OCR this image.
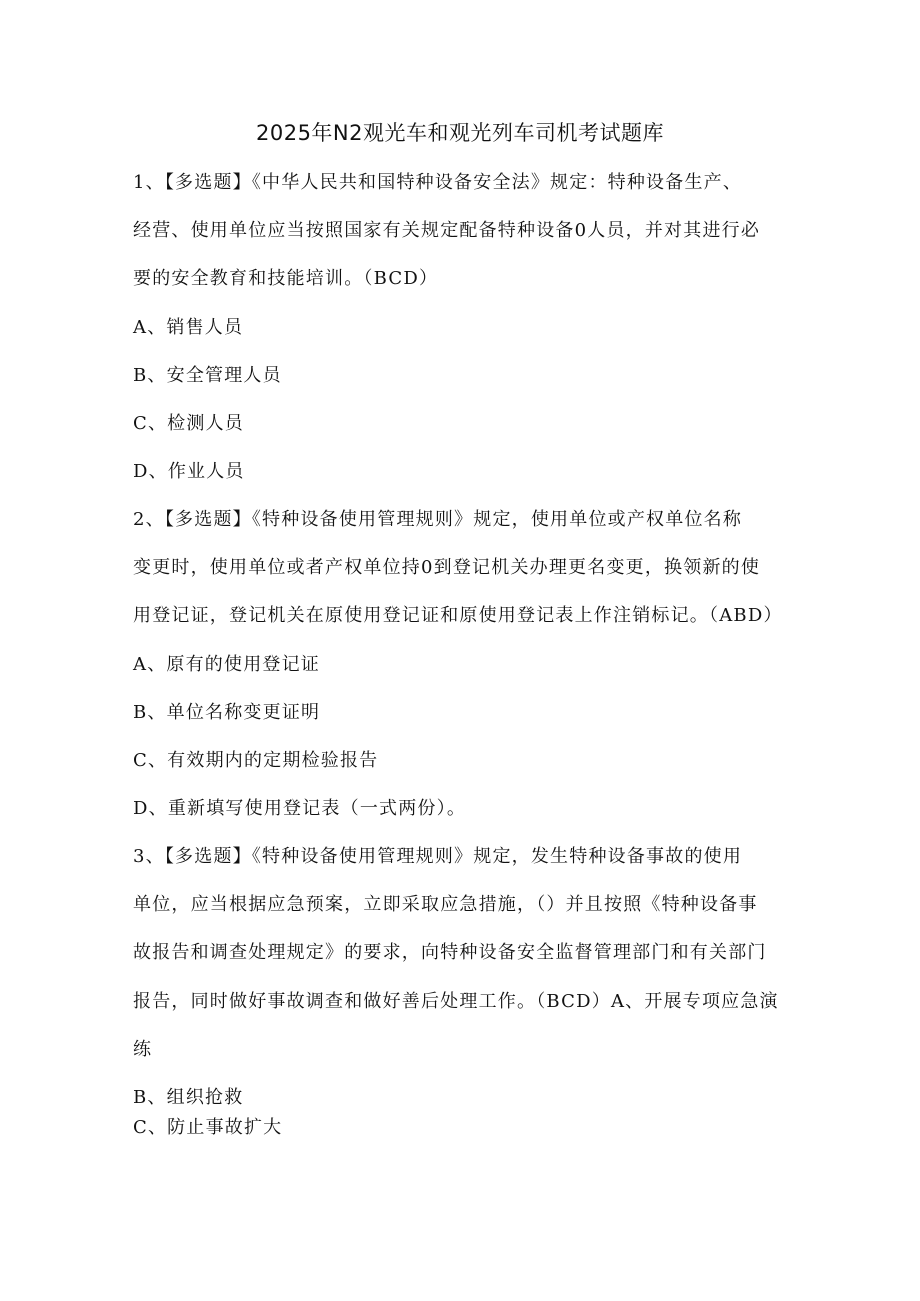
2025年N2观光车和观光列车司机考试题库
1、【多选题】《中华人民共和国特种设备安全法》规定：特种设备生产、
经营、使用单位应当按照国家有关规定配备特种设备0人员，并对其进行必
要的安全教育和技能培训。（BCD）
A、销售人员
B、安全管理人员
C、检测人员
D、作业人员
2、【多选题】《特种设备使用管理规则》规定，使用单位或产权单位名称
变更时，使用单位或者产权单位持0到登记机关办理更名变更，换领新的使
用登记证，登记机关在原使用登记证和原使用登记表上作注销标记。（ABD）
A、原有的使用登记证
B、单位名称变更证明
C、有效期内的定期检验报告
D、重新填写使用登记表（一式两份）。
3、【多选题】《特种设备使用管理规则》规定，发生特种设备事故的使用
单位，应当根据应急预案，立即采取应急措施，（）并且按照《特种设备事
故报告和调查处理规定》的要求，向特种设备安全监督管理部门和有关部门
报告，同时做好事故调查和做好善后处理工作。（BCD）A、开展专项应急演
练
B、组织抢救
C、防止事故扩大
